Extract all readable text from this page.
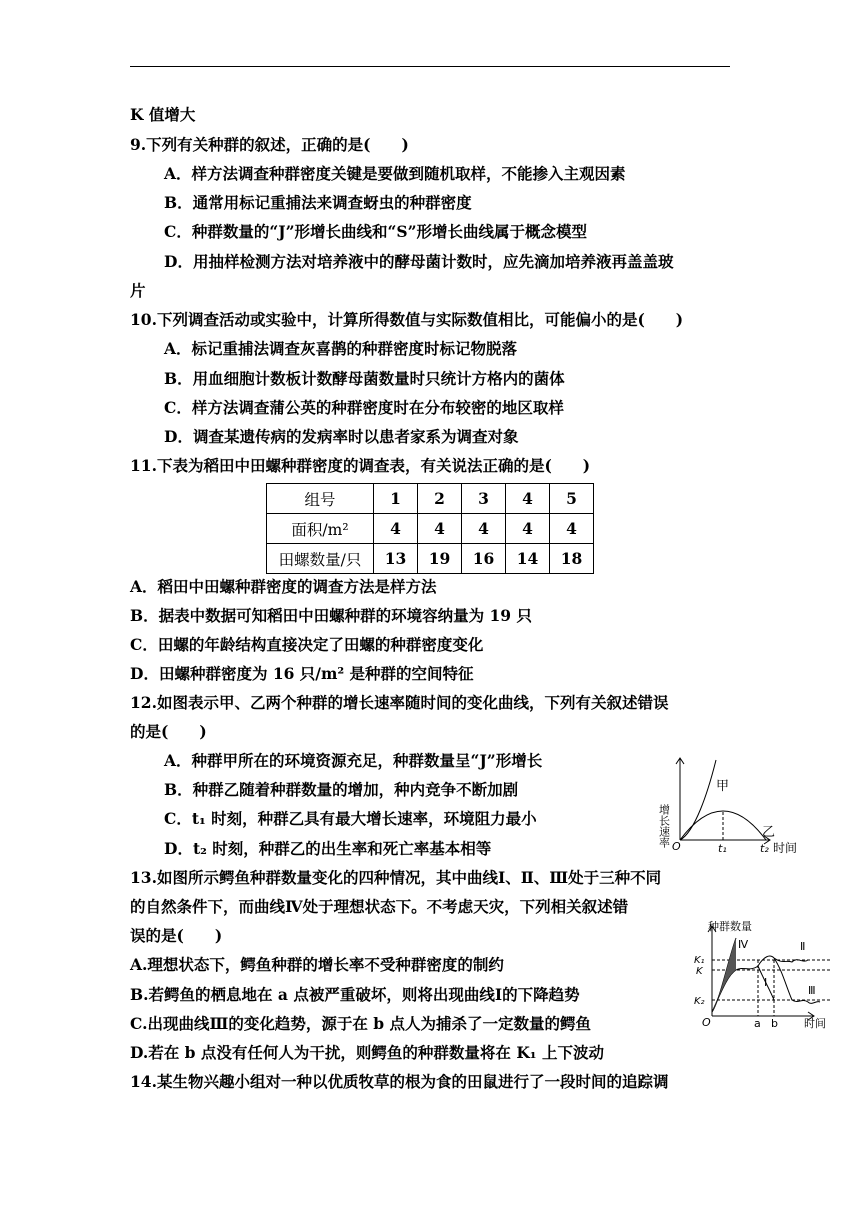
K 值增大
9.下列有关种群的叙述，正确的是(　　)
A．样方法调查种群密度关键是要做到随机取样，不能掺入主观因素
B．通常用标记重捕法来调查蚜虫的种群密度
C．种群数量的“J”形增长曲线和“S”形增长曲线属于概念模型
D．用抽样检测方法对培养液中的酵母菌计数时，应先滴加培养液再盖盖玻
片
10.下列调查活动或实验中，计算所得数值与实际数值相比，可能偏小的是(　　)
A．标记重捕法调查灰喜鹊的种群密度时标记物脱落
B．用血细胞计数板计数酵母菌数量时只统计方格内的菌体
C．样方法调查蒲公英的种群密度时在分布较密的地区取样
D．调查某遗传病的发病率时以患者家系为调查对象
11.下表为稻田中田螺种群密度的调查表，有关说法正确的是(　　)
组号	1	2	3	4	5
面积/m²	4	4	4	4	4
田螺数量/只	13	19	16	14	18
A．稻田中田螺种群密度的调查方法是样方法
B．据表中数据可知稻田中田螺种群的环境容纳量为 19 只
C．田螺的年龄结构直接决定了田螺的种群密度变化
D．田螺种群密度为 16 只/m² 是种群的空间特征
12.如图表示甲、乙两个种群的增长速率随时间的变化曲线，下列有关叙述错误
的是(　　)
A．种群甲所在的环境资源充足，种群数量呈“J”形增长
B．种群乙随着种群数量的增加，种内竞争不断加剧
C．t₁ 时刻，种群乙具有最大增长速率，环境阻力最小
D．t₂ 时刻，种群乙的出生率和死亡率基本相等
增长速率 O	t₁	t₂ 时间
甲
乙
13.如图所示鳄鱼种群数量变化的四种情况，其中曲线Ⅰ、Ⅱ、Ⅲ处于三种不同
的自然条件下，而曲线Ⅳ处于理想状态下。不考虑天灾，下列相关叙述错
误的是(　　)
A.理想状态下，鳄鱼种群的增长率不受种群密度的制约
B.若鳄鱼的栖息地在 a 点被严重破坏，则将出现曲线Ⅰ的下降趋势
C.出现曲线Ⅲ的变化趋势，源于在 b 点人为捕杀了一定数量的鳄鱼
D.若在 b 点没有任何人为干扰，则鳄鱼的种群数量将在 K₁ 上下波动
种群数量
K₁
K
K₂
O	a b 时间
Ⅳ	Ⅱ
Ⅰ
Ⅲ
14.某生物兴趣小组对一种以优质牧草的根为食的田鼠进行了一段时间的追踪调
